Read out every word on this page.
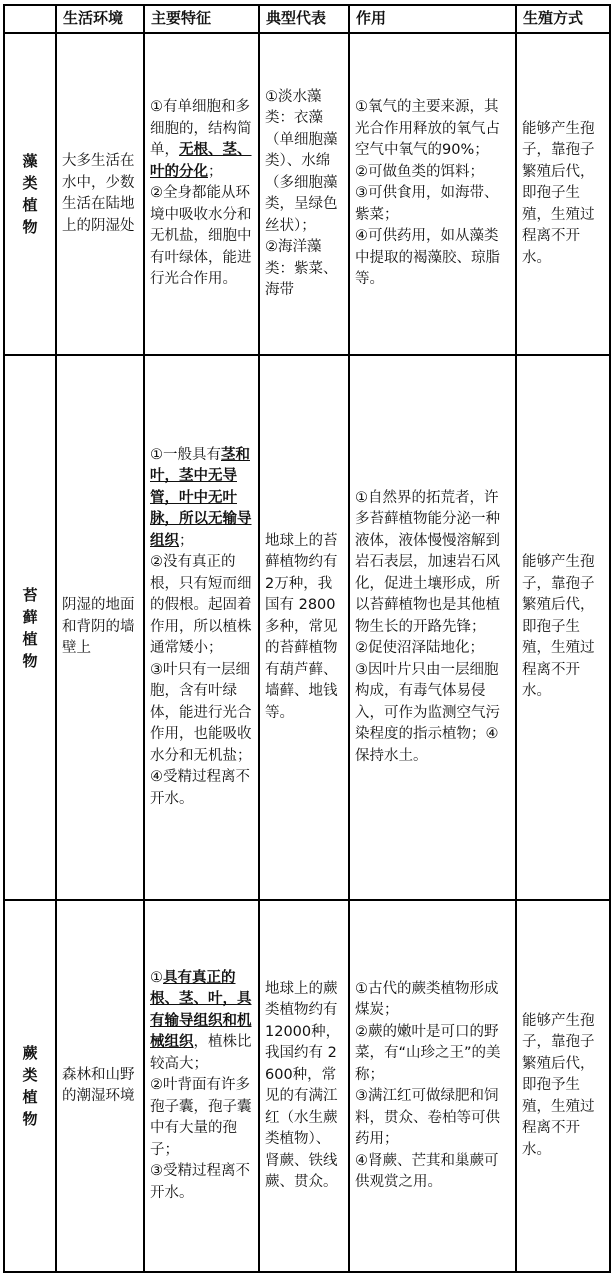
	生活环境	主要特征	典型代表	作用	生殖方式

藻
类
植
物	大多生活在水中，少数生活在陆地上的阴湿处	①有单细胞和多细胞的，结构简单，无根、茎、叶的分化；
②全身都能从环境中吸收水分和无机盐，细胞中有叶绿体，能进行光合作用。	①淡水藻类：衣藻（单细胞藻类）、水绵（多细胞藻类，呈绿色丝状）；
②海洋藻类：紫菜、海带	①氧气的主要来源，其光合作用释放的氧气占空气中氧气的90%；
②可做鱼类的饵料；
③可供食用，如海带、紫菜；
④可供药用，如从藻类中提取的褐藻胶、琼脂等。	能够产生孢子，靠孢子繁殖后代，即孢子生殖，生殖过程离不开水。

苔
藓
植
物	阴湿的地面和背阴的墙壁上	①一般具有茎和叶，茎中无导管，叶中无叶脉，所以无输导组织；
②没有真正的根，只有短而细的假根。起固着作用，所以植株通常矮小；
③叶只有一层细胞，含有叶绿体，能进行光合作用，也能吸收水分和无机盐；
④受精过程离不开水。	地球上的苔藓植物约有2万种，我国有 2800多种，常见的苔藓植物有葫芦藓、墙藓、地钱等。	①自然界的拓荒者，许多苔藓植物能分泌一种液体，液体慢慢溶解到岩石表层，加速岩石风化，促进土壤形成，所以苔藓植物也是其他植物生长的开路先锋；
②促使沼泽陆地化；
③因叶片只由一层细胞构成，有毒气体易侵入，可作为监测空气污染程度的指示植物；④保持水土。	能够产生孢子，靠孢子繁殖后代，即孢子生殖，生殖过程离不开水。

蕨
类
植
物	森林和山野的潮湿环境	①具有真正的根、茎、叶，具有输导组织和机械组织，植株比较高大；
②叶背面有许多孢子囊，孢子囊中有大量的孢子；
③受精过程离不开水。	地球上的蕨类植物约有 12000种，我国约有 2600种，常见的有满江红（水生蕨类植物）、肾蕨、铁线蕨、贯众。	①古代的蕨类植物形成煤炭；
②蕨的嫩叶是可口的野菜，有“山珍之王”的美称；
③满江红可做绿肥和饲料，贯众、卷柏等可供药用；
④肾蕨、芒萁和巢蕨可供观赏之用。	能够产生孢子，靠孢子繁殖后代，即孢予生殖，生殖过程离不开水。
